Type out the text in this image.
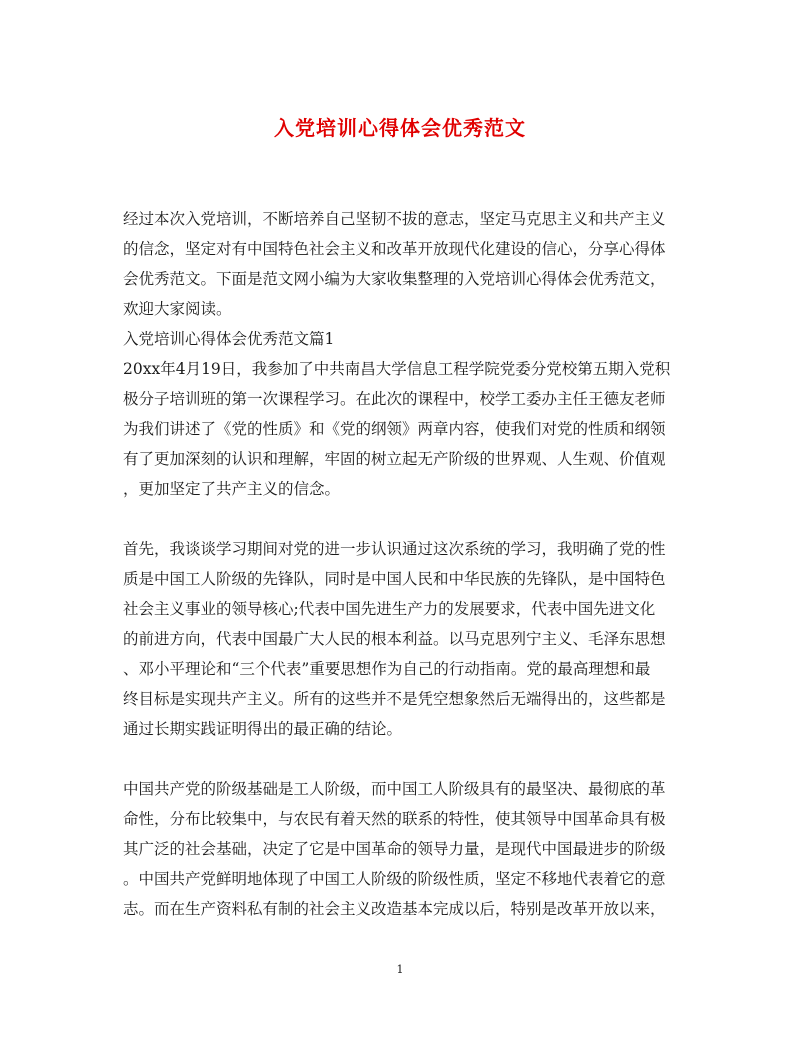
入党培训心得体会优秀范文
经过本次入党培训，不断培养自己坚韧不拔的意志，坚定马克思主义和共产主义
的信念，坚定对有中国特色社会主义和改革开放现代化建设的信心，分享心得体
会优秀范文。下面是范文网小编为大家收集整理的入党培训心得体会优秀范文，
欢迎大家阅读。
入党培训心得体会优秀范文篇1
20xx年4月19日，我参加了中共南昌大学信息工程学院党委分党校第五期入党积
极分子培训班的第一次课程学习。在此次的课程中，校学工委办主任王德友老师
为我们讲述了《党的性质》和《党的纲领》两章内容，使我们对党的性质和纲领
有了更加深刻的认识和理解，牢固的树立起无产阶级的世界观、人生观、价值观
，更加坚定了共产主义的信念。
首先，我谈谈学习期间对党的进一步认识通过这次系统的学习，我明确了党的性
质是中国工人阶级的先锋队，同时是中国人民和中华民族的先锋队，是中国特色
社会主义事业的领导核心;代表中国先进生产力的发展要求，代表中国先进文化
的前进方向，代表中国最广大人民的根本利益。以马克思列宁主义、毛泽东思想
、邓小平理论和“三个代表”重要思想作为自己的行动指南。党的最高理想和最
终目标是实现共产主义。所有的这些并不是凭空想象然后无端得出的，这些都是
通过长期实践证明得出的最正确的结论。
中国共产党的阶级基础是工人阶级，而中国工人阶级具有的最坚决、最彻底的革
命性，分布比较集中，与农民有着天然的联系的特性，使其领导中国革命具有极
其广泛的社会基础，决定了它是中国革命的领导力量，是现代中国最进步的阶级
。中国共产党鲜明地体现了中国工人阶级的阶级性质，坚定不移地代表着它的意
志。而在生产资料私有制的社会主义改造基本完成以后，特别是改革开放以来，
1
